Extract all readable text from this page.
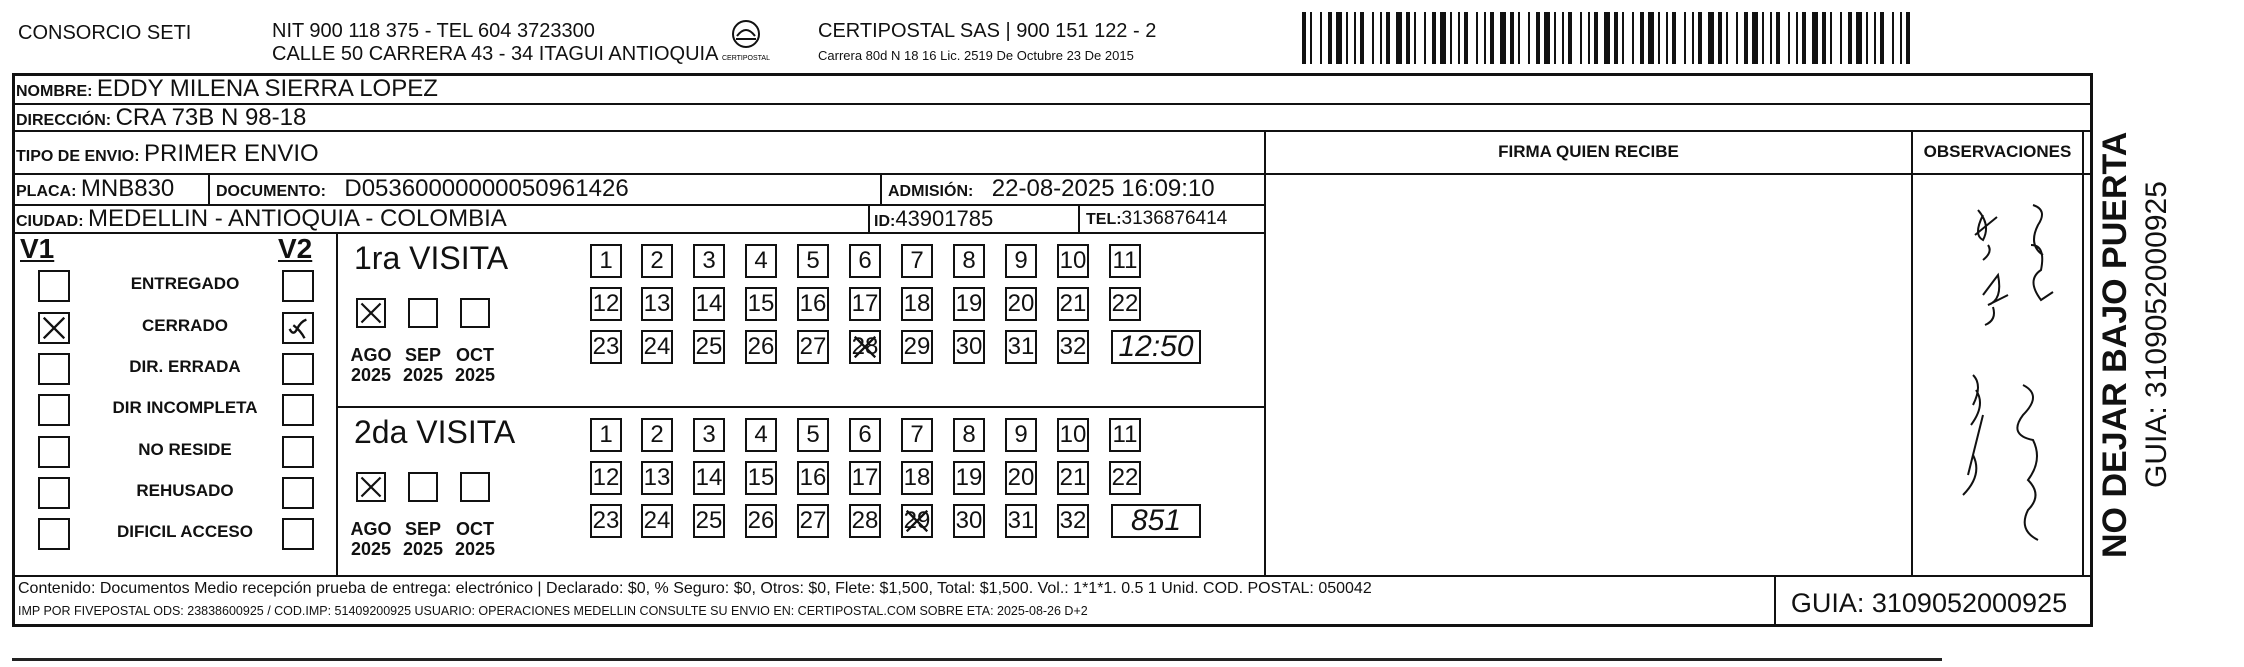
CONSORCIO SETI	NIT 900 118 375 - TEL 604 3723300
CALLE 50 CARRERA 43 - 34 ITAGUI ANTIOQUIA CERTIPOSTAL
CERTIPOSTAL SAS | 900 151 122 - 2
Carrera 80d N 18 16 Lic. 2519 De Octubre 23 De 2015
NOMBRE: EDDY MILENA SIERRA LOPEZ
DIRECCIÓN: CRA 73B N 98-18
TIPO DE ENVIO: PRIMER ENVIO
PLACA: MNB830	DOCUMENTO: D05360000000050961426	ADMISIÓN: 22-08-2025 16:09:10
CIUDAD: MEDELLIN - ANTIOQUIA - COLOMBIA	ID:43901785	TEL:3136876414
FIRMA QUIEN RECIBE	OBSERVACIONES
V1	V2
ENTREGADO
CERRADO
DIR. ERRADA
DIR INCOMPLETA
NO RESIDE
REHUSADO
DIFICIL ACCESO
1ra VISITA
AGO
2025
SEP
2025
OCT
2025
1	2	3	4	5	6	7	8	9	10 11
12 13 14 15 16 17 18 19 20 21 22
23 24 25 26 27 28 29 30 31 32 12:50
2da VISITA
AGO
2025
SEP
2025
OCT
2025
1	2	3	4	5	6	7	8	9	10 11
12 13 14 15 16 17 18 19 20 21 22
23 24 25 26 27 28 29 30 31 32	851
Contenido: Documentos Medio recepción prueba de entrega: electrónico | Declarado: $0, % Seguro: $0, Otros: $0, Flete: $1,500, Total: $1,500. Vol.: 1*1*1. 0.5 1 Unid. COD. POSTAL: 050042
IMP POR FIVEPOSTAL ODS: 23838600925 / COD.IMP: 51409200925 USUARIO: OPERACIONES MEDELLIN CONSULTE SU ENVIO EN: CERTIPOSTAL.COM SOBRE ETA: 2025-08-26 D+2	GUIA: 3109052000925
NO DEJAR BAJO PUERTA GUIA: 3109052000925
